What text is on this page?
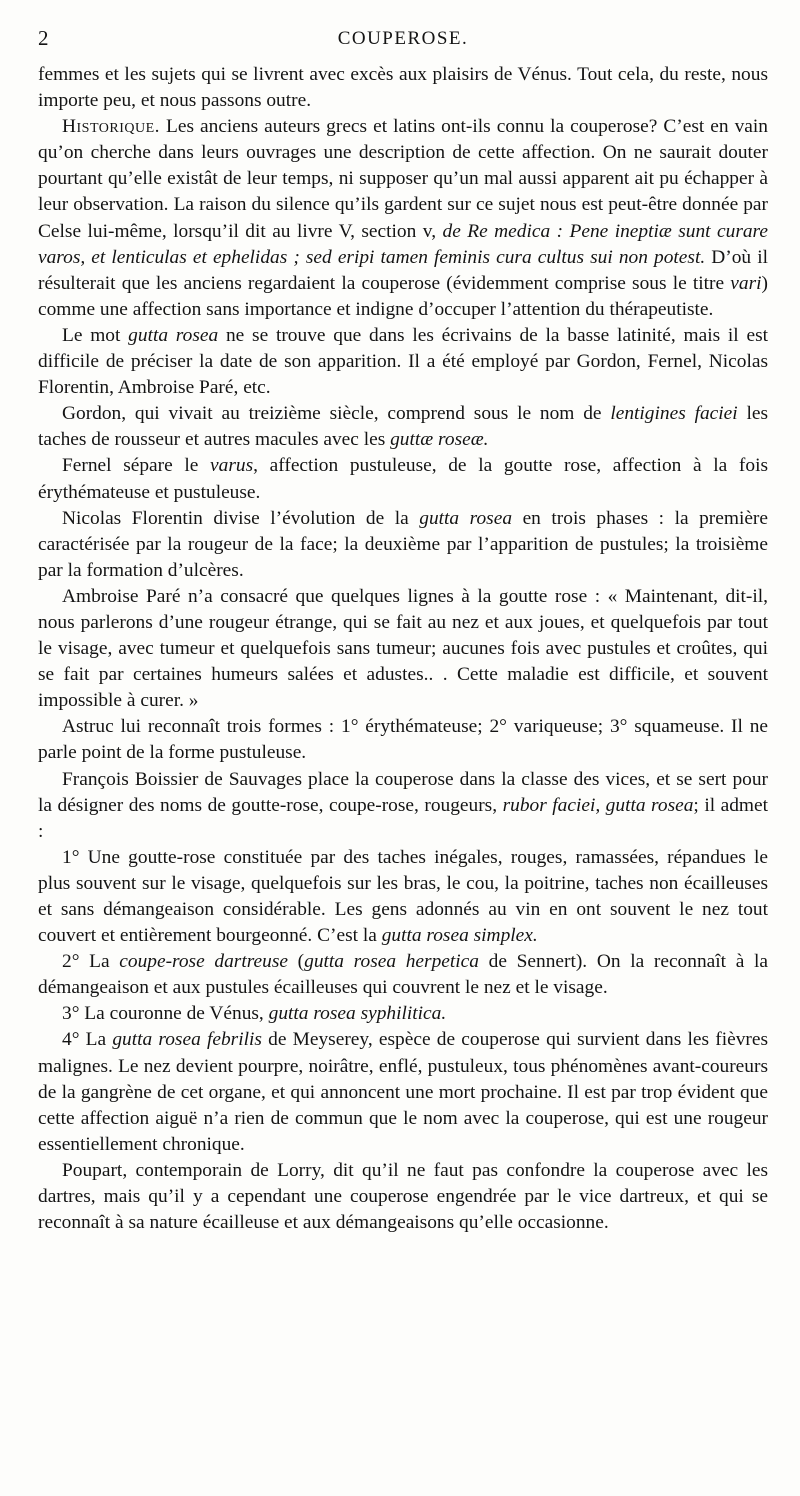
2	COUPEROSE.

femmes et les sujets qui se livrent avec excès aux plaisirs de Vénus. Tout cela, du reste, nous importe peu, et nous passons outre.

Historique. Les anciens auteurs grecs et latins ont-ils connu la couperose? C’est en vain qu’on cherche dans leurs ouvrages une description de cette affection. On ne saurait douter pourtant qu’elle existât de leur temps, ni supposer qu’un mal aussi apparent ait pu échapper à leur observation. La raison du silence qu’ils gardent sur ce sujet nous est peut-être donnée par Celse lui-même, lorsqu’il dit au livre V, section v, de Re medica : Pene ineptiæ sunt curare varos, et lenticulas et ephelidas ; sed eripi tamen feminis cura cultus sui non potest. D’où il résulterait que les anciens regardaient la couperose (évidemment comprise sous le titre vari) comme une affection sans importance et indigne d’occuper l’attention du thérapeutiste.

Le mot gutta rosea ne se trouve que dans les écrivains de la basse latinité, mais il est difficile de préciser la date de son apparition. Il a été employé par Gordon, Fernel, Nicolas Florentin, Ambroise Paré, etc.

Gordon, qui vivait au treizième siècle, comprend sous le nom de lentigines faciei les taches de rousseur et autres macules avec les guttæ roseæ.

Fernel sépare le varus, affection pustuleuse, de la goutte rose, affection à la fois érythémateuse et pustuleuse.

Nicolas Florentin divise l’évolution de la gutta rosea en trois phases : la première caractérisée par la rougeur de la face; la deuxième par l’apparition de pustules; la troisième par la formation d’ulcères.

Ambroise Paré n’a consacré que quelques lignes à la goutte rose : « Maintenant, dit-il, nous parlerons d’une rougeur étrange, qui se fait au nez et aux joues, et quelquefois par tout le visage, avec tumeur et quelquefois sans tumeur; aucunes fois avec pustules et croûtes, qui se fait par certaines humeurs salées et adustes.. . Cette maladie est difficile, et souvent impossible à curer. »

Astruc lui reconnaît trois formes : 1° érythémateuse; 2° variqueuse; 3° squameuse. Il ne parle point de la forme pustuleuse.

François Boissier de Sauvages place la couperose dans la classe des vices, et se sert pour la désigner des noms de goutte-rose, coupe-rose, rougeurs, rubor faciei, gutta rosea; il admet :

1° Une goutte-rose constituée par des taches inégales, rouges, ramassées, répandues le plus souvent sur le visage, quelquefois sur les bras, le cou, la poitrine, taches non écailleuses et sans démangeaison considérable. Les gens adonnés au vin en ont souvent le nez tout couvert et entièrement bourgeonné. C’est la gutta rosea simplex.

2° La coupe-rose dartreuse (gutta rosea herpetica de Sennert). On la reconnaît à la démangeaison et aux pustules écailleuses qui couvrent le nez et le visage.

3° La couronne de Vénus, gutta rosea syphilitica.

4° La gutta rosea febrilis de Meyserey, espèce de couperose qui survient dans les fièvres malignes. Le nez devient pourpre, noirâtre, enflé, pustuleux, tous phénomènes avant-coureurs de la gangrène de cet organe, et qui annoncent une mort prochaine. Il est par trop évident que cette affection aiguë n’a rien de commun que le nom avec la couperose, qui est une rougeur essentiellement chronique.

Poupart, contemporain de Lorry, dit qu’il ne faut pas confondre la couperose avec les dartres, mais qu’il y a cependant une couperose engendrée par le vice dartreux, et qui se reconnaît à sa nature écailleuse et aux démangeaisons qu’elle occasionne.
